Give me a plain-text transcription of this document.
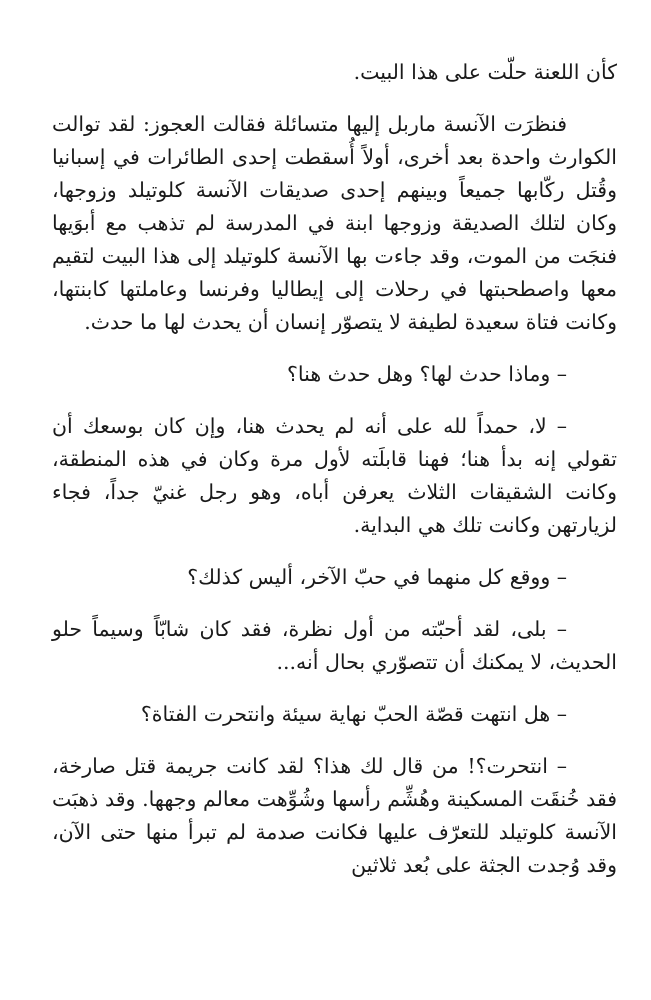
كأن اللعنة حلّت على هذا البيت.

فنظرَت الآنسة ماربل إليها متسائلة فقالت العجوز: لقد توالت الكوارث واحدة بعد أخرى، أولاً أُسقطت إحدى الطائرات في إسبانيا وقُتل ركّابها جميعاً وبينهم إحدى صديقات الآنسة كلوتيلد وزوجها، وكان لتلك الصديقة وزوجها ابنة في المدرسة لم تذهب مع أبوَيها فنجَت من الموت، وقد جاءت بها الآنسة كلوتيلد إلى هذا البيت لتقيم معها واصطحبتها في رحلات إلى إيطاليا وفرنسا وعاملتها كابنتها، وكانت فتاة سعيدة لطيفة لا يتصوّر إنسان أن يحدث لها ما حدث.

– وماذا حدث لها؟ وهل حدث هنا؟

– لا، حمداً لله على أنه لم يحدث هنا، وإن كان بوسعك أن تقولي إنه بدأ هنا؛ فهنا قابلَته لأول مرة وكان في هذه المنطقة، وكانت الشقيقات الثلاث يعرفن أباه، وهو رجل غنيّ جداً، فجاء لزيارتهن وكانت تلك هي البداية.

– ووقع كل منهما في حبّ الآخر، أليس كذلك؟

– بلى، لقد أحبّته من أول نظرة، فقد كان شابّاً وسيماً حلو الحديث، لا يمكنك أن تتصوّري بحال أنه...

– هل انتهت قصّة الحبّ نهاية سيئة وانتحرت الفتاة؟

– انتحرت؟! من قال لك هذا؟ لقد كانت جريمة قتل صارخة، فقد خُنقَت المسكينة وهُشِّم رأسها وشُوِّهت معالم وجهها. وقد ذهبَت الآنسة كلوتيلد للتعرّف عليها فكانت صدمة لم تبرأ منها حتى الآن، وقد وُجدت الجثة على بُعد ثلاثين
